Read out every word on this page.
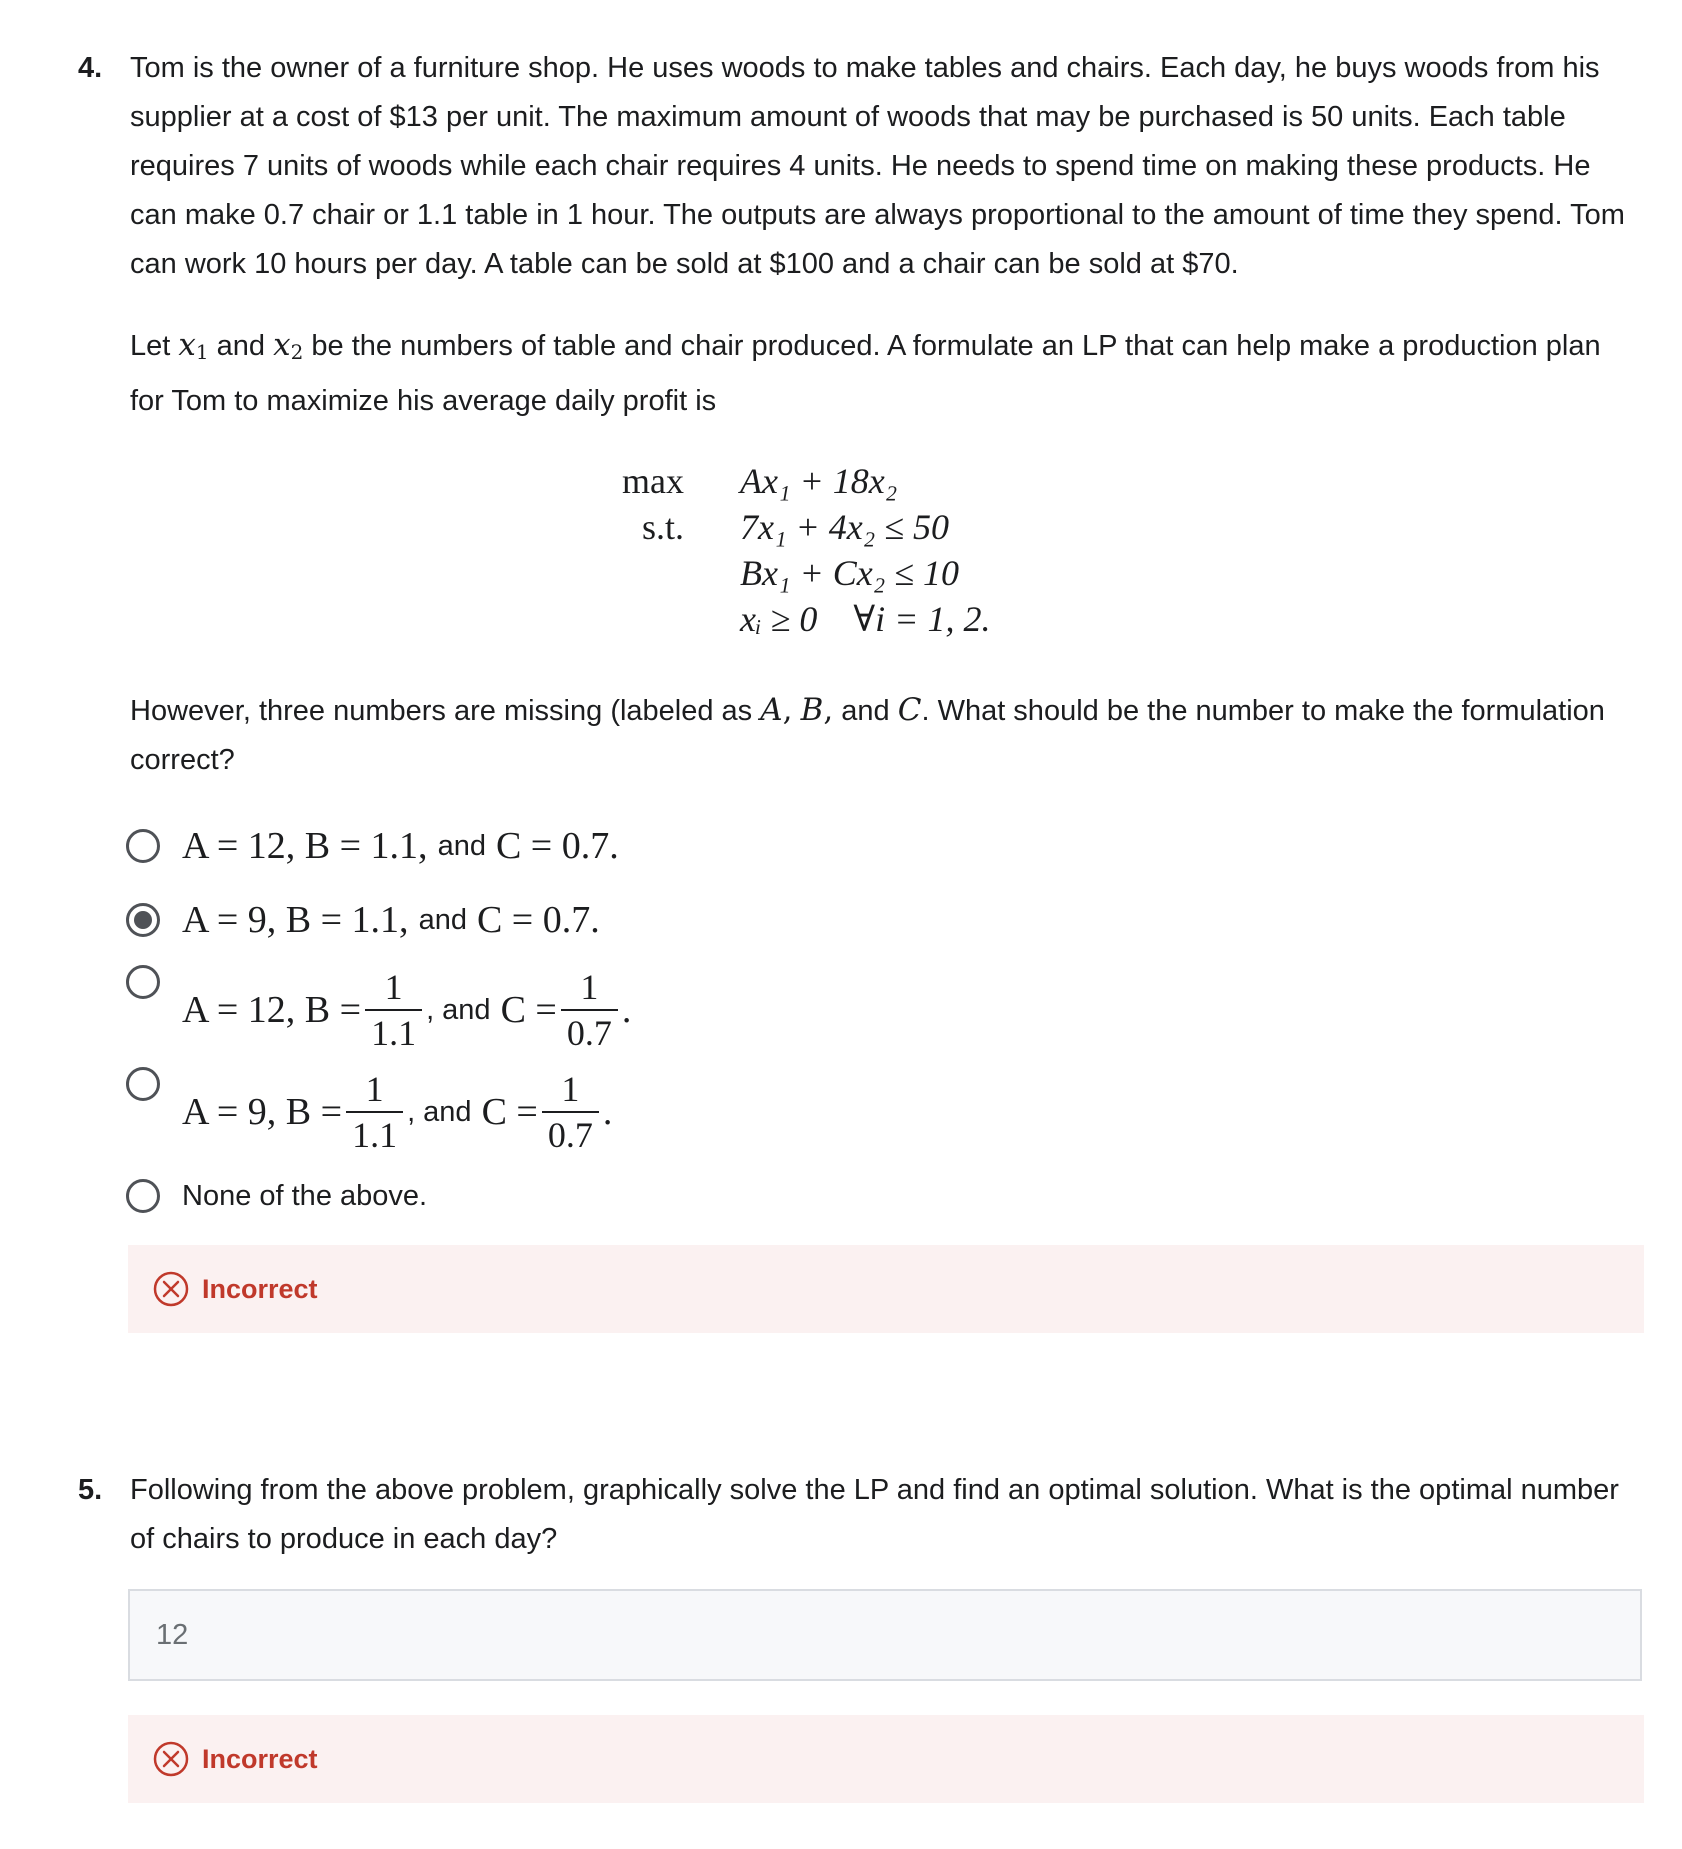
4. Tom is the owner of a furniture shop. He uses woods to make tables and chairs. Each day, he buys woods from his supplier at a cost of $13 per unit. The maximum amount of woods that may be purchased is 50 units. Each table requires 7 units of woods while each chair requires 4 units. He needs to spend time on making these products. He can make 0.7 chair or 1.1 table in 1 hour. The outputs are always proportional to the amount of time they spend. Tom can work 10 hours per day. A table can be sold at $100 and a chair can be sold at $70.

Let $x_1$ and $x_2$ be the numbers of table and chair produced. A formulate an LP that can help make a production plan for Tom to maximize his average daily profit is

max	Ax₁ + 18x₂
s.t.	7x₁ + 4x₂ ≤ 50
Bx₁ + Cx₂ ≤ 10
xᵢ ≥ 0    ∀i = 1, 2.

However, three numbers are missing (labeled as A, B, and C. What should be the number to make the formulation correct?

A = 12, B = 1.1, and C = 0.7.
A = 9, B = 1.1, and C = 0.7.
A = 12, $B = \frac{1}{1.1}$ , and $C = \frac{1}{0.7}$ .
A = 9, $B = \frac{1}{1.1}$ , and $C = \frac{1}{0.7}$ .
None of the above.
Incorrect
5. Following from the above problem, graphically solve the LP and find an optimal solution. What is the optimal number of chairs to produce in each day?

12
Incorrect
